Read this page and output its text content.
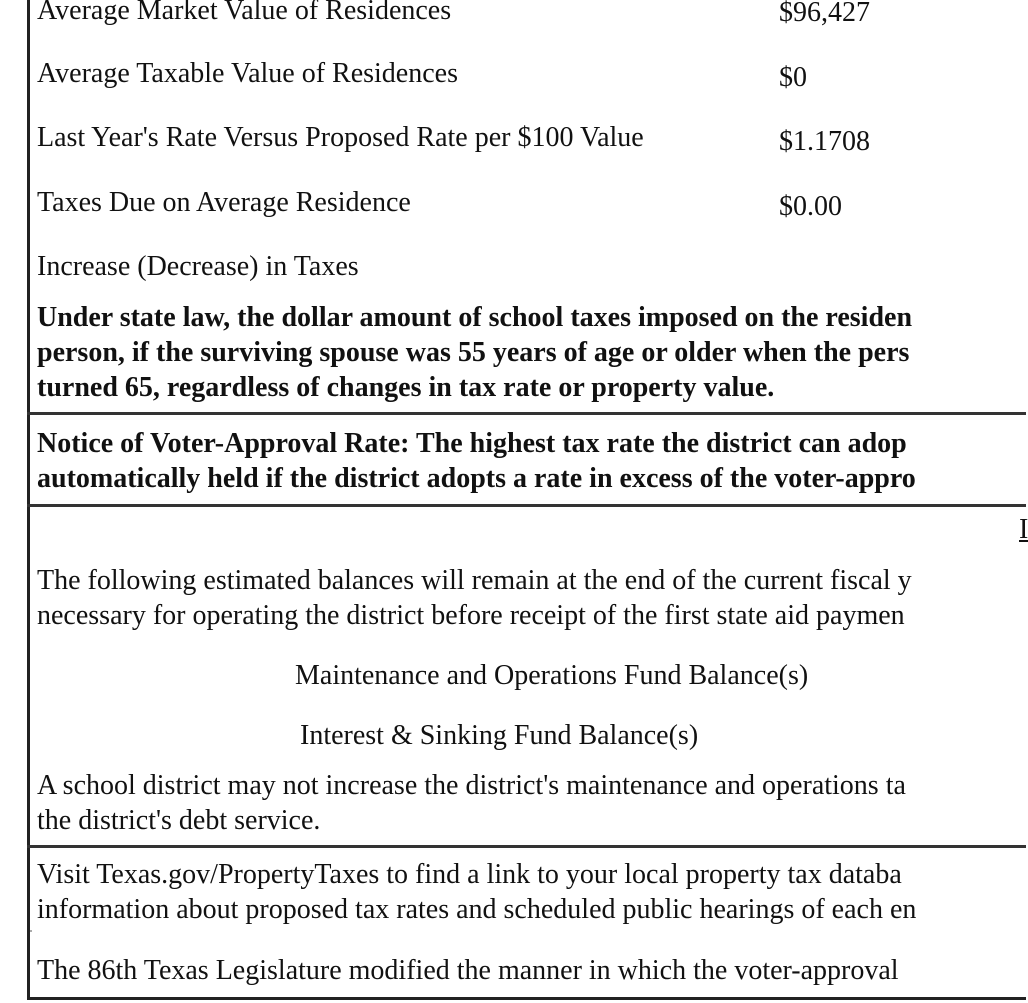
Average Market Value of Residences	$96,427

Average Taxable Value of Residences	$0

Last Year's Rate Versus Proposed Rate per $100 Value	$1.1708

Taxes Due on Average Residence	$0.00

Increase (Decrease) in Taxes

Under state law, the dollar amount of school taxes imposed on the residen

person, if the surviving spouse was 55 years of age or older when the pers

turned 65, regardless of changes in tax rate or property value.

Notice of Voter-Approval Rate: The highest tax rate the district can adop

automatically held if the district adopts a rate in excess of the voter-appro

I

The following estimated balances will remain at the end of the current fiscal y

necessary for operating the district before receipt of the first state aid paymen

Maintenance and Operations Fund Balance(s)

Interest & Sinking Fund Balance(s)

A school district may not increase the district's maintenance and operations ta

the district's debt service.

Visit Texas.gov/PropertyTaxes to find a link to your local property tax databa

information about proposed tax rates and scheduled public hearings of each en

The 86th Texas Legislature modified the manner in which the voter-approval
